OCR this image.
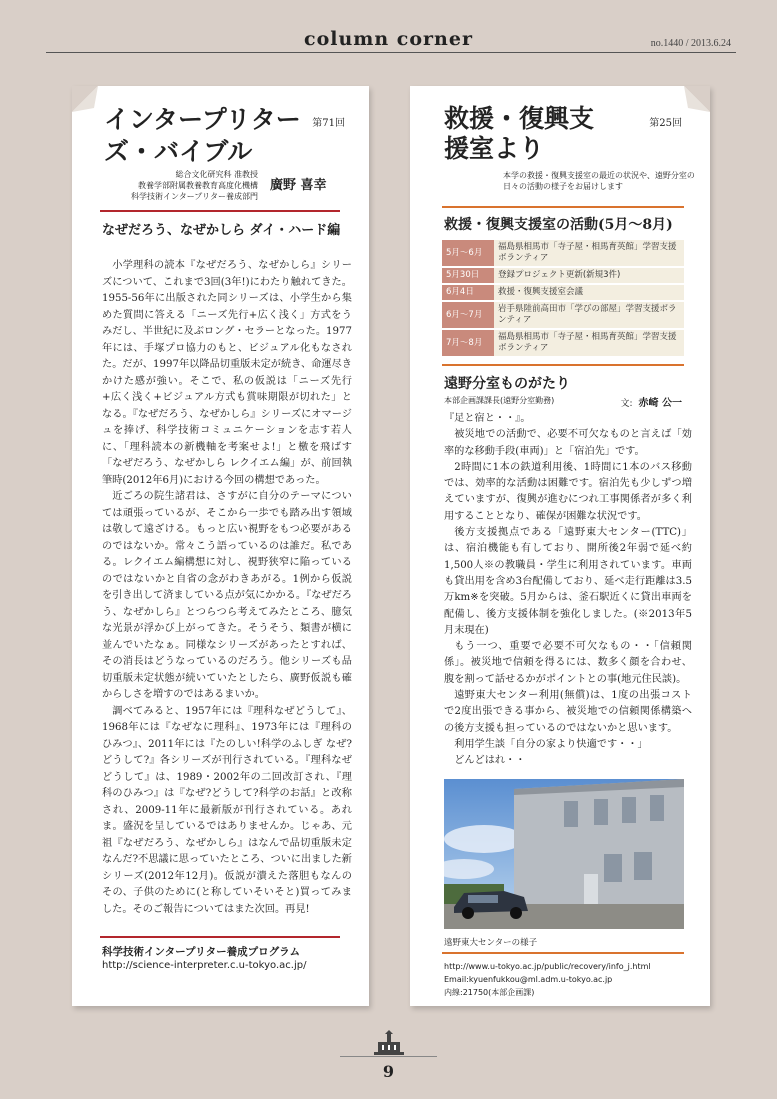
column corner	no.1440 / 2013.6.24
インタープリターズ・バイブル
第71回
総合文化研究科 准教授
教養学部附属教養教育高度化機構
科学技術インタープリター養成部門
廣野 喜幸
なぜだろう、なぜかしら ダイ・ハード編

小学理科の読本『なぜだろう、なぜかしら』シリーズについて、これまで3回(3年!)にわたり触れてきた。1955-56年に出版された同シリーズは、小学生から集めた質問に答える「ニーズ先行+広く浅く」方式をうみだし、半世紀に及ぶロング・セラーとなった。1977年には、手塚プロ協力のもと、ビジュアル化もなされた。だが、1997年以降品切重版未定が続き、命運尽きかけた感が強い。そこで、私の仮説は「ニーズ先行+広く浅く+ビジュアル方式も賞味期限が切れた」となる。『なぜだろう、なぜかしら』シリーズにオマージュを捧げ、科学技術コミュニケーションを志す若人に、「理科読本の新機軸を考案せよ!」と檄を飛ばす「なぜだろう、なぜかしら レクイエム編」が、前回執筆時(2012年6月)における今回の構想であった。

近ごろの院生諸君は、さすがに自分のテーマについては頑張っているが、そこから一歩でも踏み出す領域は敬して遠ざける。もっと広い視野をもつ必要があるのではないか。常々こう語っているのは誰だ。私である。レクイエム編構想に対し、視野狭窄に陥っているのではないかと自省の念がわきあがる。1例から仮説を引き出して済ましている点が気にかかる。『なぜだろう、なぜかしら』とつらつら考えてみたところ、臆気な光景が浮かび上がってきた。そうそう、類書が横に並んでいたなぁ。同様なシリーズがあったとすれば、その消長はどうなっているのだろう。他シリーズも品切重版未定状態が続いていたとしたら、廣野仮説も確からしさを増すのではあるまいか。

調べてみると、1957年には『理科なぜどうして』、1968年には『なぜなに理科』、1973年には『理科のひみつ』、2011年には『たのしい!科学のふしぎ なぜ?どうして?』各シリーズが刊行されている。『理科なぜどうして』は、1989・2002年の二回改訂され、『理科のひみつ』は『なぜ?どうして?科学のお話』と改称され、2009-11年に最新版が刊行されている。あれま。盛況を呈しているではありませんか。じゃあ、元祖『なぜだろう、なぜかしら』はなんで品切重版未定なんだ?不思議に思っていたところ、ついに出ました新シリーズ(2012年12月)。仮説が潰えた落胆もなんのその、子供のために(と称していそいそと)買ってみました。そのご報告についてはまた次回。再見!

科学技術インタープリター養成プログラム
http://science-interpreter.c.u-tokyo.ac.jp/
救援・復興支援室より
第25回
本学の救援・復興支援室の最近の状況や、遠野分室の日々の活動の様子をお届けします
救援・復興支援室の活動(5月〜8月)
5月〜6月	福島県相馬市「寺子屋・相馬育英館」学習支援ボランティア
5月30日	登録プロジェクト更新(新規3件)
6月4日	救援・復興支援室会議
6月〜7月	岩手県陸前高田市「学びの部屋」学習支援ボランティア
7月〜8月	福島県相馬市「寺子屋・相馬育英館」学習支援ボランティア
遠野分室ものがたり
本部企画課課長(遠野分室勤務)	文: 赤崎 公一

『足と宿と・・』。

被災地での活動で、必要不可欠なものと言えば「効率的な移動手段(車両)」と「宿泊先」です。

2時間に1本の鉄道利用後、1時間に1本のバス移動では、効率的な活動は困難です。宿泊先も少しずつ増えていますが、復興が進むにつれ工事関係者が多く利用することとなり、確保が困難な状況です。

後方支援拠点である「遠野東大センター(TTC)」は、宿泊機能も有しており、開所後2年弱で延べ約1,500人※の教職員・学生に利用されています。車両も貸出用を含め3台配備しており、延べ走行距離は3.5万km※を突破。5月からは、釜石駅近くに貸出車両を配備し、後方支援体制を強化しました。(※2013年5月末現在)

もう一つ、重要で必要不可欠なもの・・「信頼関係」。被災地で信頼を得るには、数多く顔を合わせ、腹を割って話せるかがポイントとの事(地元住民談)。

遠野東大センター利用(無償)は、1度の出張コストで2度出張できる事から、被災地での信頼関係構築への後方支援も担っているのではないかと思います。

利用学生談「自分の家より快適です・・」

どんどはれ・・

遠野東大センターの様子
http://www.u-tokyo.ac.jp/public/recovery/info_j.html
Email:kyuenfukkou@ml.adm.u-tokyo.ac.jp
内線:21750(本部企画課)
9
